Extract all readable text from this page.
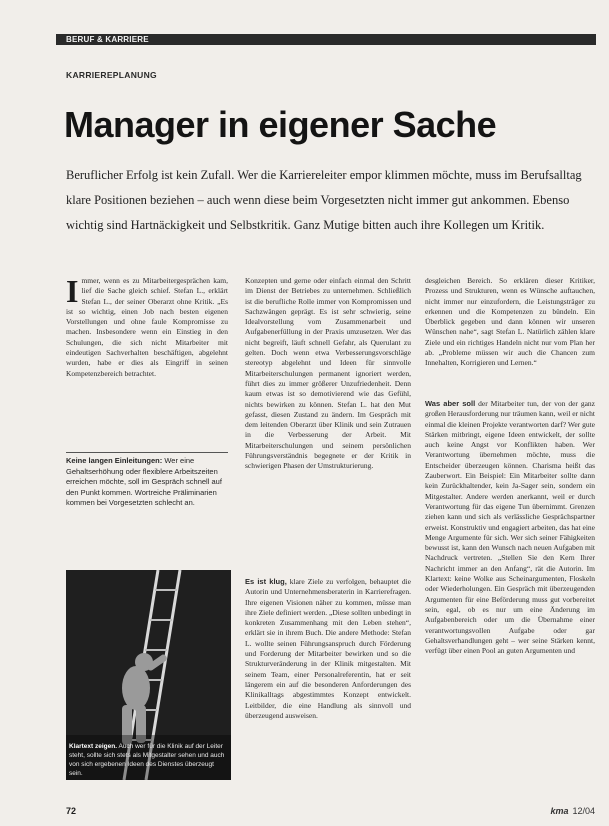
BERUF & KARRIERE
KARRIEREPLANUNG
Manager in eigener Sache
Beruflicher Erfolg ist kein Zufall. Wer die Karriereleiter empor klimmen möchte, muss im Berufsalltag klare Positionen beziehen – auch wenn diese beim Vorgesetzten nicht immer gut ankommen. Ebenso wichtig sind Hartnäckigkeit und Selbstkritik. Ganz Mutige bitten auch ihre Kollegen um Kritik.

Immer, wenn es zu Mitarbeitergesprächen kam, lief die Sache gleich schief. Stefan L., erklärt Stefan L., der seiner Oberarzt ohne Kritik. „Es ist so wichtig, einen Job nach besten eigenen Vorstellungen und ohne faule Kompromisse zu machen. Insbesondere wenn ein Einstieg in den Schulungen, die sich nicht Mitarbeiter mit eindeutigen Sachverhalten beschäftigen, abgelehnt wurden, habe er dies als Eingriff in seinen Kompetenzbereich betrachtet.

Keine langen Einleitungen: Wer eine Gehaltserhöhung oder flexiblere Arbeitszeiten erreichen möchte, soll im Gespräch schnell auf den Punkt kommen. Wortreiche Präliminarien kommen bei Vorgesetzten schlecht an.
Klartext zeigen. Auch wer für die Klinik auf der Leiter steht, sollte sich stets als Mitgestalter sehen und auch von sich ergebenen Ideen des Dienstes überzeugt sein.

Konzepten und gerne oder einfach einmal den Schritt im Dienst der Betriebes zu unternehmen. Schließlich ist die berufliche Rolle immer von Kompromissen und Sachzwängen geprägt. Es ist sehr schwierig, seine Idealvorstellung vom Zusammenarbeit und Aufgabenerfüllung in der Praxis umzusetzen. Wer das nicht begreift, läuft schnell Gefahr, als Querulant zu gelten. Doch wenn etwa Verbesserungsvorschläge stereotyp abgelehnt und Ideen für sinnvolle Mitarbeiterschulungen permanent ignoriert werden, führt dies zu immer größerer Unzufriedenheit. Denn kaum etwas ist so demotivierend wie das Gefühl, nichts bewirken zu können. Stefan L. hat den Mut gefasst, diesen Zustand zu ändern. Im Gespräch mit dem leitenden Oberarzt über Klinik und sein Zutrauen in die Verbesserung der Arbeit. Mit Mitarbeiterschulungen und seinem persönlichen Führungsverständnis begegnete er der Kritik in schwierigen Phasen der Umstrukturierung.

Es ist klug, klare Ziele zu verfolgen, behauptet die Autorin und Unternehmensberaterin in Karrierefragen. Ihre eigenen Visionen näher zu kommen, müsse man ihre Ziele definiert werden. „Diese sollten unbedingt in konkreten Zusammenhang mit den Leben stehen“, erklärt sie in ihrem Buch. Die andere Methode: Stefan L. wollte seinen Führungsanspruch durch Förderung und Forderung der Mitarbeiter bewirken und so die Strukturveränderung in der Klinik mitgestalten. Mit seinem Team, einer Personalreferentin, hat er seit längerem ein auf die besonderen Anforderungen des Klinikalltags abgestimmtes Konzept entwickelt. Leitbilder, die eine Handlung als sinnvoll und überzeugend ausweisen.

desgleichen Bereich. So erklären dieser Kritiker, Prozess und Strukturen, wenn es Wünsche auftauchen, nicht immer nur einzufordern, die Leistungsträger zu erkennen und die Kompetenzen zu bündeln. Ein Überblick gegeben und dann können wir unseren Wünschen nahe“, sagt Stefan L. Natürlich zählen klare Ziele und ein richtiges Handeln nicht nur vom Plan her ab. „Probleme müssen wir auch die Chancen zum Innehalten, Korrigieren und Lernen.“

Was aber soll der Mitarbeiter tun, der von der ganz großen Herausforderung nur träumen kann, weil er nicht einmal die kleinen Projekte verantworten darf? Wer gute Stärken mitbringt, eigene Ideen entwickelt, der sollte auch keine Angst vor Konflikten haben. Wer Verantwortung übernehmen möchte, muss die Entscheider überzeugen können. Charisma heißt das Zauberwort. Ein Beispiel: Ein Mitarbeiter sollte dann kein Zurückhaltender, kein Ja-Sager sein, sondern ein Mitgestalter. Andere werden anerkannt, weil er durch Verantwortung für das eigene Tun übernimmt. Grenzen ziehen kann und sich als verlässliche Gesprächspartner erweist. Konstruktiv und engagiert arbeiten, das hat eine Menge Argumente für sich. Wer sich seiner Fähigkeiten bewusst ist, kann den Wunsch nach neuen Aufgaben mit Nachdruck vertreten. „Stellen Sie den Kern Ihrer Nachricht immer an den Anfang“, rät die Autorin. Im Klartext: keine Wolke aus Scheinargumenten, Floskeln oder Wiederholungen. Ein Gespräch mit überzeugenden Argumenten für eine Beförderung muss gut vorbereitet sein, egal, ob es nur um eine Änderung im Aufgabenbereich oder um die Übernahme einer verantwortungsvollen Aufgabe oder gar Gehaltsverhandlungen geht – wer seine Stärken kennt, verfügt über einen Pool an guten Argumenten und

72	kma 12/04
